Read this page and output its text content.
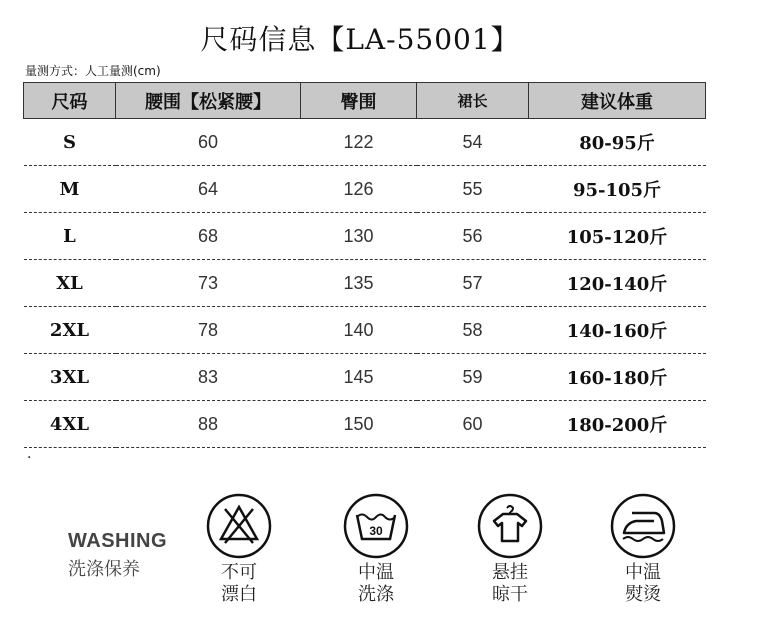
尺码信息【LA-55001】
量测方式：人工量测(cm)
尺码	腰围【松紧腰】	臀围	裙长	建议体重
S	60	122	54	80-95斤
M	64	126	55	95-105斤
L	68	130	56	105-120斤
XL	73	135	57	120-140斤
2XL	78	140	58	140-160斤
3XL	83	145	59	160-180斤
4XL	88	150	60	180-200斤
.
WASHING
洗涤保养	不可
漂白
30
中温
洗涤
悬挂
晾干
中温
熨烫
